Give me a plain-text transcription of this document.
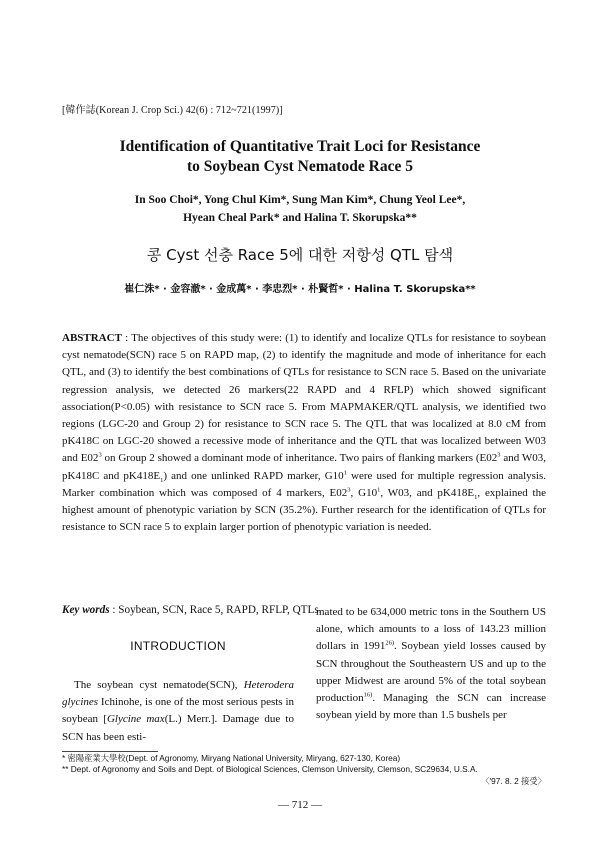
[韓作誌(Korean J. Crop Sci.) 42(6) : 712~721(1997)]
Identification of Quantitative Trait Loci for Resistance
to Soybean Cyst Nematode Race 5
In Soo Choi*, Yong Chul Kim*, Sung Man Kim*, Chung Yeol Lee*,
Hyean Cheal Park* and Halina T. Skorupska**
콩 Cyst 선충 Race 5에 대한 저항성 QTL 탐색
崔仁洙* · 金容澈* · 金成萬* · 李忠烈* · 朴賢哲* · Halina T. Skorupska**

ABSTRACT : The objectives of this study were: (1) to identify and localize QTLs for resistance to soybean cyst nematode(SCN) race 5 on RAPD map, (2) to identify the magnitude and mode of inheritance for each QTL, and (3) to identify the best combinations of QTLs for resistance to SCN race 5. Based on the univariate regression analysis, we detected 26 markers(22 RAPD and 4 RFLP) which showed significant association(P<0.05) with resistance to SCN race 5. From MAPMAKER/QTL analysis, we identified two regions (LGC-20 and Group 2) for resistance to SCN race 5. The QTL that was localized at 8.0 cM from pK418C on LGC-20 showed a recessive mode of inheritance and the QTL that was localized between W03 and $E02^3$ on Group 2 showed a dominant mode of inheritance. Two pairs of flanking markers ($E02^3$ and W03, pK418C and $pK418E_1$) and one unlinked RAPD marker, $G10^1$ were used for multiple regression analysis. Marker combination which was composed of 4 markers, $E02^3$, $G10^1$, W03, and $pK418E_1$, explained the highest amount of phenotypic variation by SCN (35.2%). Further research for the identification of QTLs for resistance to SCN race 5 to explain larger portion of phenotypic variation is needed.

Key words : Soybean, SCN, Race 5, RAPD, RFLP, QTLs.

INTRODUCTION

The soybean cyst nematode(SCN), Heterodera glycines Ichinohe, is one of the most serious pests in soybean [Glycine max(L.) Merr.]. Damage due to SCN has been esti-

mated to be 634,000 metric tons in the Southern US alone, which amounts to a loss of 143.23 million dollars in 1991$^{26)}$. Soybean yield losses caused by SCN throughout the Southeastern US and up to the upper Midwest are around 5% of the total soybean production$^{16)}$. Managing the SCN can increase soybean yield by more than 1.5 bushels per

* 密陽産業大學校(Dept. of Agronomy, Miryang National University, Miryang, 627-130, Korea)

** Dept. of Agronomy and Soils and Dept. of Biological Sciences, Clemson University, Clemson, SC29634, U.S.A.

〈'97. 8. 2 接受〉

— 712 —
